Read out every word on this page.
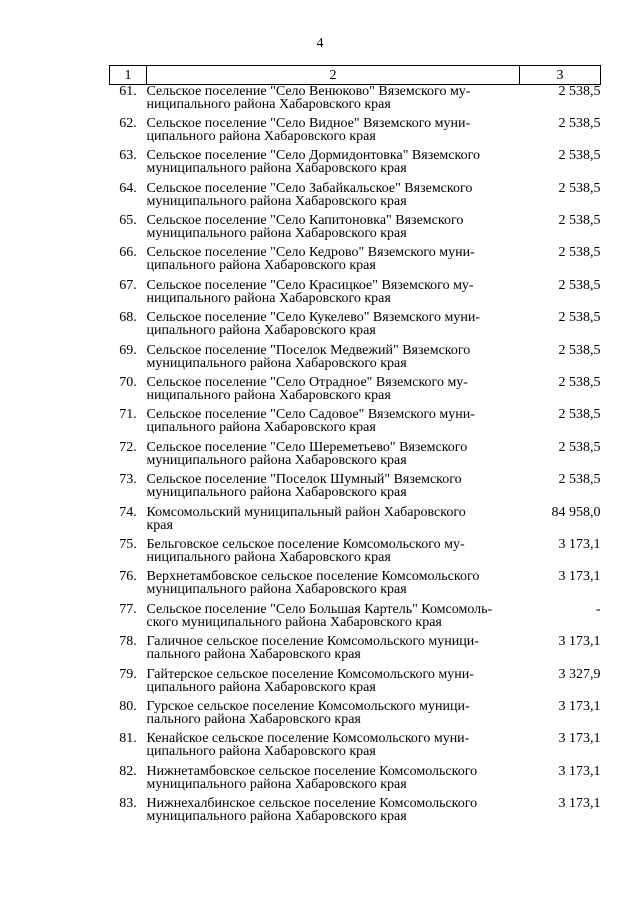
4
1	2	3
61.	Сельское поселение "Село Венюково" Вяземского му-
ниципального района Хабаровского края	2 538,5
62.	Сельское поселение "Село Видное" Вяземского муни-
ципального района Хабаровского края	2 538,5
63.	Сельское поселение "Село Дормидонтовка" Вяземского
муниципального района Хабаровского края	2 538,5
64.	Сельское поселение "Село Забайкальское" Вяземского
муниципального района Хабаровского края	2 538,5
65.	Сельское поселение "Село Капитоновка" Вяземского
муниципального района Хабаровского края	2 538,5
66.	Сельское поселение "Село Кедрово" Вяземского муни-
ципального района Хабаровского края	2 538,5
67.	Сельское поселение "Село Красицкое" Вяземского му-
ниципального района Хабаровского края	2 538,5
68.	Сельское поселение "Село Кукелево" Вяземского муни-
ципального района Хабаровского края	2 538,5
69.	Сельское поселение "Поселок Медвежий" Вяземского
муниципального района Хабаровского края	2 538,5
70.	Сельское поселение "Село Отрадное" Вяземского му-
ниципального района Хабаровского края	2 538,5
71.	Сельское поселение "Село Садовое" Вяземского муни-
ципального района Хабаровского края	2 538,5
72.	Сельское поселение "Село Шереметьево" Вяземского
муниципального района Хабаровского края	2 538,5
73.	Сельское поселение "Поселок Шумный" Вяземского
муниципального района Хабаровского края	2 538,5
74.	Комсомольский муниципальный район Хабаровского
края	84 958,0
75.	Бельговское сельское поселение Комсомольского му-
ниципального района Хабаровского края	3 173,1
76.	Верхнетамбовское сельское поселение Комсомольского
муниципального района Хабаровского края	3 173,1
77.	Сельское поселение "Село Большая Картель" Комсомоль-
ского муниципального района Хабаровского края	-
78.	Галичное сельское поселение Комсомольского муници-
пального района Хабаровского края	3 173,1
79.	Гайтерское сельское поселение Комсомольского муни-
ципального района Хабаровского края	3 327,9
80.	Гурское сельское поселение Комсомольского муници-
пального района Хабаровского края	3 173,1
81.	Кенайское сельское поселение Комсомольского муни-
ципального района Хабаровского края	3 173,1
82.	Нижнетамбовское сельское поселение Комсомольского
муниципального района Хабаровского края	3 173,1
83.	Нижнехалбинское сельское поселение Комсомольского
муниципального района Хабаровского края	3 173,1
